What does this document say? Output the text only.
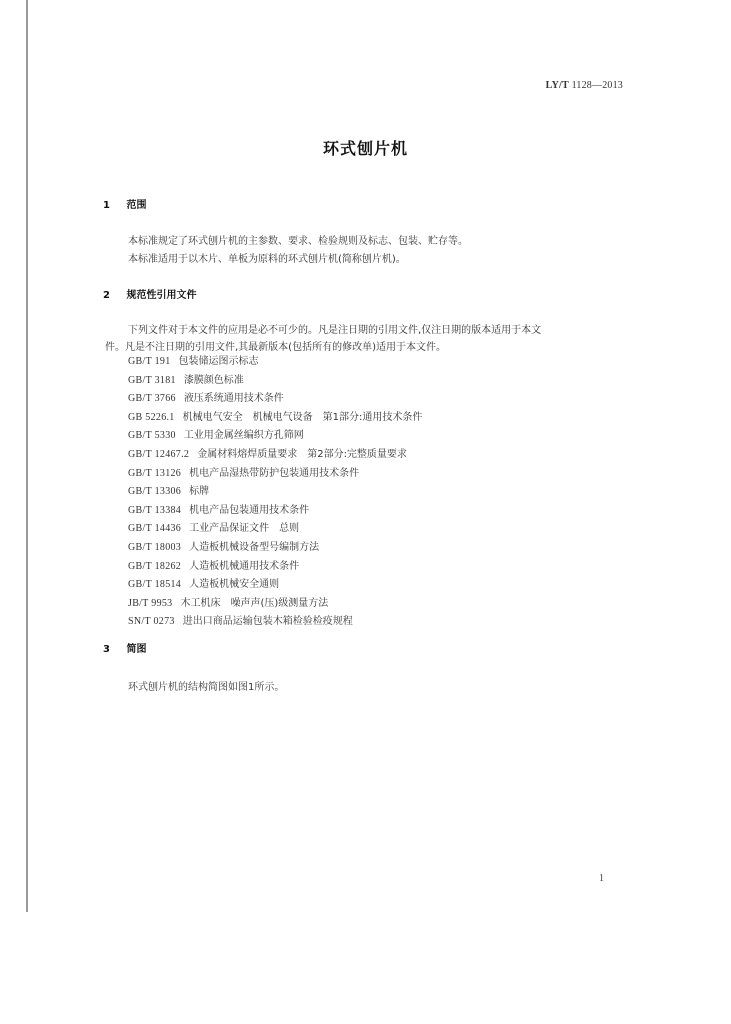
LY/T 1128—2013
环式刨片机
1 范围
本标准规定了环式刨片机的主参数、要求、检验规则及标志、包装、贮存等。
本标准适用于以木片、单板为原料的环式刨片机(简称刨片机)。
2 规范性引用文件
下列文件对于本文件的应用是必不可少的。凡是注日期的引用文件,仅注日期的版本适用于本文
件。凡是不注日期的引用文件,其最新版本(包括所有的修改单)适用于本文件。
GB/T 191 包装储运图示标志
GB/T 3181 漆膜颜色标准
GB/T 3766 液压系统通用技术条件
GB 5226.1 机械电气安全　机械电气设备　第1部分:通用技术条件
GB/T 5330 工业用金属丝编织方孔筛网
GB/T 12467.2 金属材料熔焊质量要求　第2部分:完整质量要求
GB/T 13126 机电产品湿热带防护包装通用技术条件
GB/T 13306 标牌
GB/T 13384 机电产品包装通用技术条件
GB/T 14436 工业产品保证文件　总则
GB/T 18003 人造板机械设备型号编制方法
GB/T 18262 人造板机械通用技术条件
GB/T 18514 人造板机械安全通则
JB/T 9953 木工机床　噪声声(压)级测量方法
SN/T 0273 进出口商品运输包装木箱检验检疫规程
3 简图
环式刨片机的结构简图如图1所示。
1
